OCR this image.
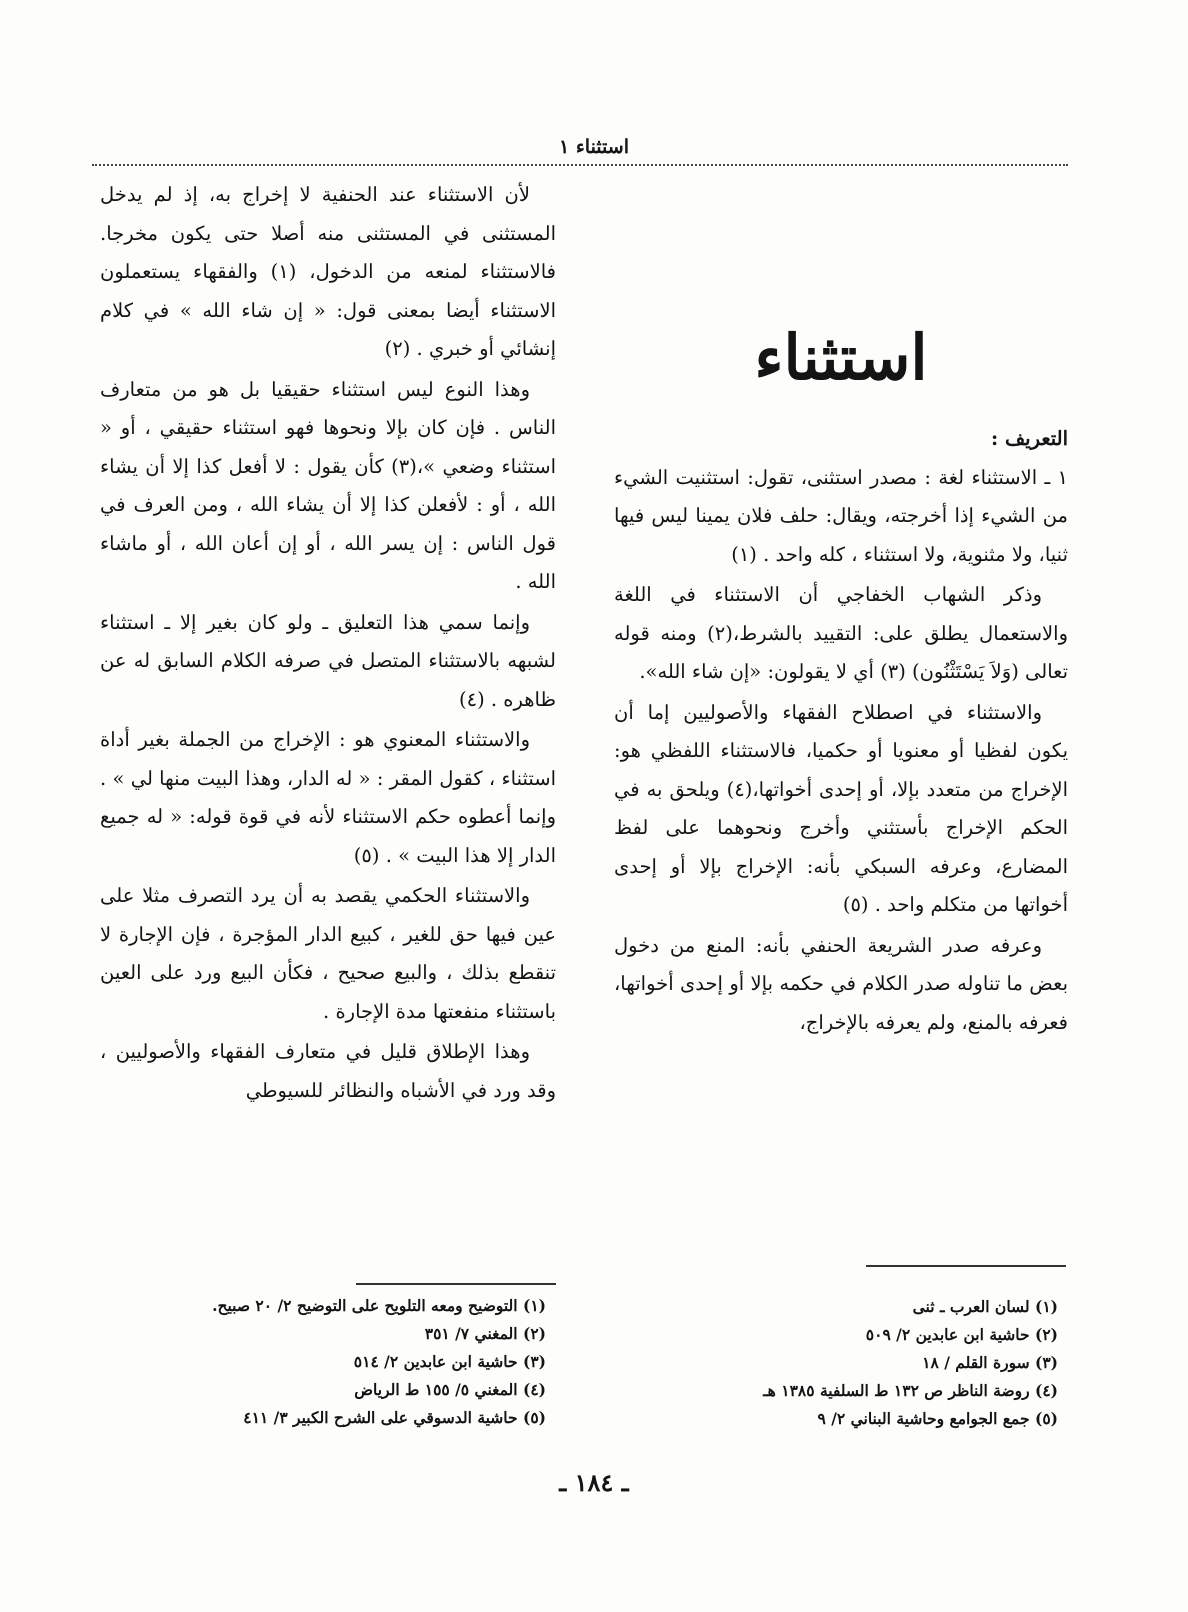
استثناء ١

لأن الاستثناء عند الحنفية لا إخراج به، إذ لم يدخل المستثنى في المستثنى منه أصلا حتى يكون مخرجا. فالاستثناء لمنعه من الدخول، (١) والفقهاء يستعملون الاستثناء أيضا بمعنى قول: « إن شاء الله » في كلام إنشائي أو خبري . (٢)

وهذا النوع ليس استثناء حقيقيا بل هو من متعارف الناس . فإن كان بإلا ونحوها فهو استثناء حقيقي ، أو « استثناء وضعي »،(٣) كأن يقول : لا أفعل كذا إلا أن يشاء الله ، أو : لأفعلن كذا إلا أن يشاء الله ، ومن العرف في قول الناس : إن يسر الله ، أو إن أعان الله ، أو ماشاء الله .

وإنما سمي هذا التعليق ـ ولو كان بغير إلا ـ استثناء لشبهه بالاستثناء المتصل في صرفه الكلام السابق له عن ظاهره . (٤)

والاستثناء المعنوي هو : الإخراج من الجملة بغير أداة استثناء ، كقول المقر : « له الدار، وهذا البيت منها لي » . وإنما أعطوه حكم الاستثناء لأنه في قوة قوله: « له جميع الدار إلا هذا البيت » . (٥)

والاستثناء الحكمي يقصد به أن يرد التصرف مثلا على عين فيها حق للغير ، كبيع الدار المؤجرة ، فإن الإجارة لا تنقطع بذلك ، والبيع صحيح ، فكأن البيع ورد على العين باستثناء منفعتها مدة الإجارة .

وهذا الإطلاق قليل في متعارف الفقهاء والأصوليين ، وقد ورد في الأشباه والنظائر للسيوطي

استثناء
التعريف :

١ ـ الاستثناء لغة : مصدر استثنى، تقول: استثنيت الشيء من الشيء إذا أخرجته، ويقال: حلف فلان يمينا ليس فيها ثنيا، ولا مثنوية، ولا استثناء ، كله واحد . (١)

وذكر الشهاب الخفاجي أن الاستثناء في اللغة والاستعمال يطلق على: التقييد بالشرط،(٢) ومنه قوله تعالى (وَلاَ يَسْتَثْنُون) (٣) أي لا يقولون: «إن شاء الله».

والاستثناء في اصطلاح الفقهاء والأصوليين إما أن يكون لفظيا أو معنويا أو حكميا، فالاستثناء اللفظي هو: الإخراج من متعدد بإلا، أو إحدى أخواتها،(٤) ويلحق به في الحكم الإخراج بأستثني وأخرج ونحوهما على لفظ المضارع، وعرفه السبكي بأنه: الإخراج بإلا أو إحدى أخواتها من متكلم واحد . (٥)

وعرفه صدر الشريعة الحنفي بأنه: المنع من دخول بعض ما تناوله صدر الكلام في حكمه بإلا أو إحدى أخواتها، فعرفه بالمنع، ولم يعرفه بالإخراج،

(١) التوضيح ومعه التلويح على التوضيح ٢/ ٢٠ صبيح.
(٢) المغني ٧/ ٣٥١
(٣) حاشية ابن عابدين ٢/ ٥١٤
(٤) المغني ٥/ ١٥٥ ط الرياض
(٥) حاشية الدسوقي على الشرح الكبير ٣/ ٤١١
(١) لسان العرب ـ ثنى
(٢) حاشية ابن عابدين ٢/ ٥٠٩
(٣) سورة القلم / ١٨
(٤) روضة الناظر ص ١٣٢ ط السلفية ١٣٨٥ هـ
(٥) جمع الجوامع وحاشية البناني ٢/ ٩
ـ ١٨٤ ـ
